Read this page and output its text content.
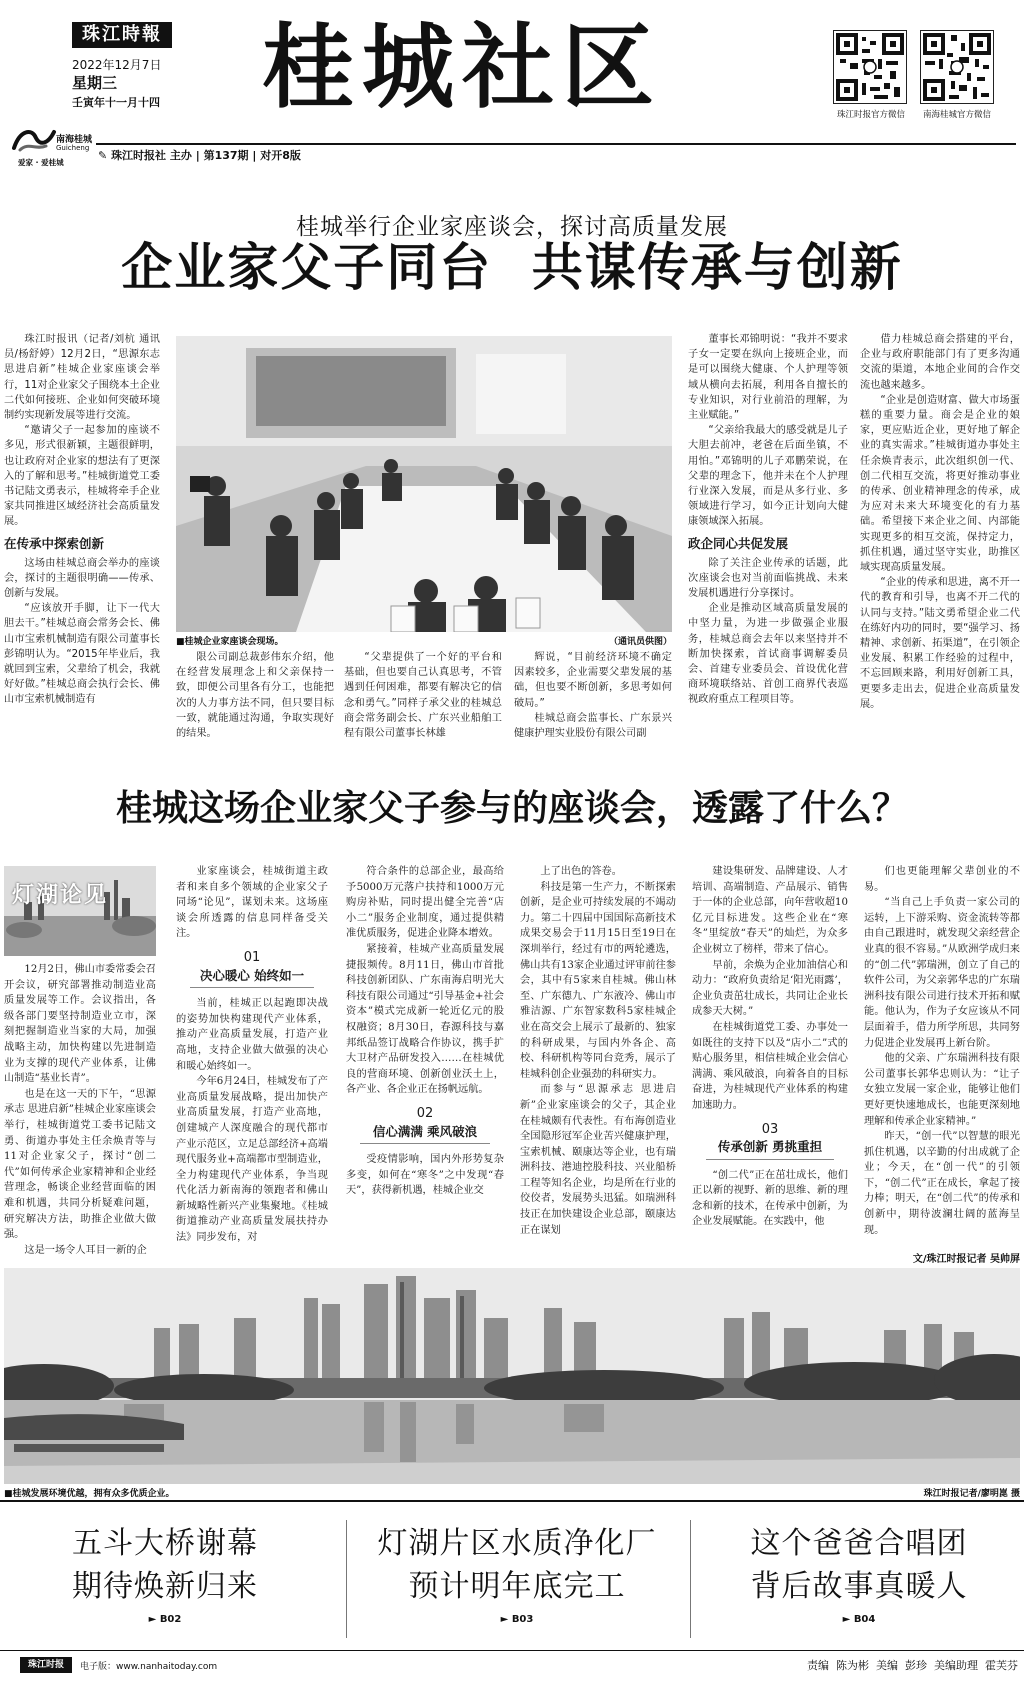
珠江時報
2022年12月7日
星期三
壬寅年十一月十四 桂城社区	珠江时报官方微信	南海桂城官方微信
南海桂城
Guicheng
爱家 · 爱桂城
✎ 珠江时报社 主办 | 第137期 | 对开8版
桂城举行企业家座谈会，探讨高质量发展
企业家父子同台  共谋传承与创新

珠江时报讯（记者/刘杭 通讯员/杨舒婷）12月2日，“思源东志 思进启新”桂城企业家座谈会举行，11对企业家父子围绕本土企业二代如何接班、企业如何突破环境制约实现新发展等进行交流。

“邀请父子一起参加的座谈不多见，形式很新颖，主题很鲜明，也让政府对企业家的想法有了更深入的了解和思考。”桂城街道党工委书记陆文勇表示，桂城将牵手企业家共同推进区域经济社会高质量发展。

在传承中探索创新

这场由桂城总商会举办的座谈会，探讨的主题很明确——传承、创新与发展。

“应该放开手脚，让下一代大胆去干。”桂城总商会常务会长、佛山市宝索机械制造有限公司董事长彭锦明认为。“2015年毕业后，我就回到宝索，父辈给了机会，我就好好做。”桂城总商会执行会长、佛山市宝索机械制造有

■桂城企业家座谈会现场。	（通讯员供图）

限公司副总裁彭伟东介绍，他在经营发展理念上和父亲保持一致，即便公司里各有分工，也能把次的人力事方法不同，但只要目标一致，就能通过沟通，争取实现好的结果。

“父辈提供了一个好的平台和基础，但也要自己认真思考，不管遇到任何困难，都要有解决它的信念和勇气。”同样子承父业的桂城总商会常务副会长、广东兴业船舶工程有限公司董事长林雄

辉说，“目前经济环境不确定因素较多，企业需要父辈发展的基础，但也要不断创新，多思考如何破局。”

桂城总商会监事长、广东景兴健康护理实业股份有限公司副

董事长邓锦明说：“我并不要求子女一定要在纵向上接班企业，而是可以围绕大健康、个人护理等领域从横向去拓展，利用各自擅长的专业知识，对行业前沿的理解，为主业赋能。”

“父亲给我最大的感受就是儿子大胆去前冲，老爸在后面坐镇，不用怕。”邓锦明的儿子邓鹏荣说，在父辈的理念下，他并未在个人护理行业深入发展，而是从多行业、多领域进行学习，如今正计划向大健康领域深入拓展。

政企同心共促发展

除了关注企业传承的话题，此次座谈会也对当前面临挑战、未来发展机遇进行分享探讨。

企业是推动区域高质量发展的中坚力量，为进一步做强企业服务，桂城总商会去年以来坚持并不断加快探索，首试商事调解委员会、首建专业委员会、首设优化营商环境联络站、首创工商界代表巡视政府重点工程项目等。

借力桂城总商会搭建的平台，企业与政府职能部门有了更多沟通交流的渠道，本地企业间的合作交流也越来越多。

“企业是创造财富、做大市场蛋糕的重要力量。商会是企业的娘家，更应贴近企业，更好地了解企业的真实需求。”桂城街道办事处主任余焕青表示，此次组织创一代、创二代相互交流，将更好推动事业的传承、创业精神理念的传承，成为应对未来大环境变化的有力基础。希望接下来企业之间、内部能实现更多的相互交流，保持定力，抓住机遇，通过坚守实业，助推区域实现高质量发展。

“企业的传承和思进，离不开一代的教育和引导，也离不开二代的认同与支持。”陆文勇希望企业二代在练好内功的同时，要“强学习、扬精神、求创新、拓渠道”，在引领企业发展、积累工作经验的过程中，不忘回顾来路，利用好创新工具，更要多走出去，促进企业高质量发展。

桂城这场企业家父子参与的座谈会，透露了什么？
灯湖论见

12月2日，佛山市委常委会召开会议，研究部署推动制造业高质量发展等工作。会议指出，各级各部门要坚持制造业立市，深刻把握制造业当家的大局，加强战略主动，加快构建以先进制造业为支撑的现代产业体系，让佛山制造“基业长青”。

也是在这一天的下午，“思源承志 思进启新”桂城企业家座谈会举行，桂城街道党工委书记陆文勇、街道办事处主任余焕青等与11对企业家父子，探讨“创二代”如何传承企业家精神和企业经营理念，畅谈企业经营面临的困难和机遇，共同分析疑难问题，研究解决方法，助推企业做大做强。

这是一场令人耳目一新的企

业家座谈会，桂城街道主政者和来自多个领域的企业家父子同场“论见”，谋划未来。这场座谈会所透露的信息同样备受关注。

01
决心暖心 始终如一

当前，桂城正以起跑即决战的姿势加快构建现代产业体系，推动产业高质量发展，打造产业高地，支持企业做大做强的决心和暖心始终如一。

今年6月24日，桂城发布了产业高质量发展战略，提出加快产业高质量发展，打造产业高地，创建城产人深度融合的现代都市产业示范区，立足总部经济+高端现代服务业+高端都市型制造业，全力构建现代产业体系，争当现代化活力新南海的领跑者和佛山新城略性新兴产业集聚地。《桂城街道推动产业高质量发展扶持办法》同步发布，对

符合条件的总部企业，最高给予5000万元落户扶持和1000万元购房补贴，同时提出健全完善“店小二”服务企业制度，通过提供精准优质服务，促进企业降本增效。

紧接着，桂城产业高质量发展捷报频传。8月11日，佛山市首批科技创新团队、广东南海启明光大科技有限公司通过“引导基金+社会资本”模式完成新一轮近亿元的股权融资；8月30日，春源科技与嘉邦纸品签订战略合作协议，携手扩大卫材产品研发投入……在桂城优良的营商环境、创新创业沃土上，各产业、各企业正在扬帆远航。

02
信心满满 乘风破浪

受疫情影响，国内外形势复杂多变，如何在“寒冬”之中发现“春天”，获得新机遇，桂城企业交

上了出色的答卷。

科技是第一生产力，不断探索创新，是企业可持续发展的不竭动力。第二十四届中国国际高新技术成果交易会于11月15日至19日在深圳举行，经过有市的两轮遴选，佛山共有13家企业通过评审前往参会，其中有5家来自桂城。佛山林至、广东德九、广东液冷、佛山市雅洁源、广东智家数科5家桂城企业在高交会上展示了最新的、独家的科研成果，与国内外各企、高校、科研机构等同台竞秀，展示了桂城科创企业强劲的科研实力。

而参与“思源承志 思进启新”企业家座谈会的父子，其企业在桂城颇有代表性。有布海创造业全国隐形冠军企业苦兴健康护理，宝索机械、颐康达等企业，也有瑞洲科技、港迪控股科技、兴业船桥工程等知名企业，均是所在行业的佼佼者，发展势头迅猛。如瑞洲科技正在加快建设企业总部，颐康达正在谋划

建设集研发、品牌建设、人才培训、高端制造、产品展示、销售于一体的企业总部，向年营收超10亿元目标进发。这些企业在“寒冬”里绽放“春天”的灿烂，为众多企业树立了榜样，带来了信心。

早前，余焕为企业加油信心和动力：“政府负责给足‘阳光雨露’，企业负责茁壮成长，共同让企业长成参天大树。”

在桂城街道党工委、办事处一如既往的支持下以及“店小二”式的贴心服务里，相信桂城企业会信心满满、乘风破浪，向着各自的目标奋进，为桂城现代产业体系的构建加速助力。

03
传承创新 勇挑重担

“创二代”正在茁壮成长，他们正以新的视野、新的思维、新的理念和新的技术，在传承中创新，为企业发展赋能。在实践中，他

们也更能理解父辈创业的不易。

“当自己上手负责一家公司的运转，上下游采购、资金流转等都由自己跟进时，就发现父亲经营企业真的很不容易。”从欧洲学成归来的“创二代”郭瑞洲，创立了自己的软件公司，为父亲郭华忠的广东瑞洲科技有限公司进行技术开拓和赋能。他认为，作为子女应该从不同层面着手，借力所学所思，共同努力促进企业发展再上新台阶。

他的父亲、广东瑞洲科技有限公司董事长郭华忠则认为：“让子女独立发展一家企业，能够让他们更好更快速地成长，也能更深刻地理解和传承企业家精神。”

昨天，“创一代”以智慧的眼光抓住机遇，以辛勤的付出成就了企业；今天，在“创一代”的引领下，“创二代”正在成长，拿起了接力棒；明天，在“创二代”的传承和创新中，期待波澜壮阔的蓝海呈现。

文/珠江时报记者 吴帅屏
■桂城发展环境优越，拥有众多优质企业。	珠江时报记者/廖明崑 摄
五斗大桥谢幕
期待焕新归来
► B02
灯湖片区水质净化厂
预计明年底完工
► B03
这个爸爸合唱团
背后故事真暖人
► B04
珠江时报	电子版：www.nanhaitoday.com	责编  陈为彬  美编  彭珍  美编助理  霍芙芬
